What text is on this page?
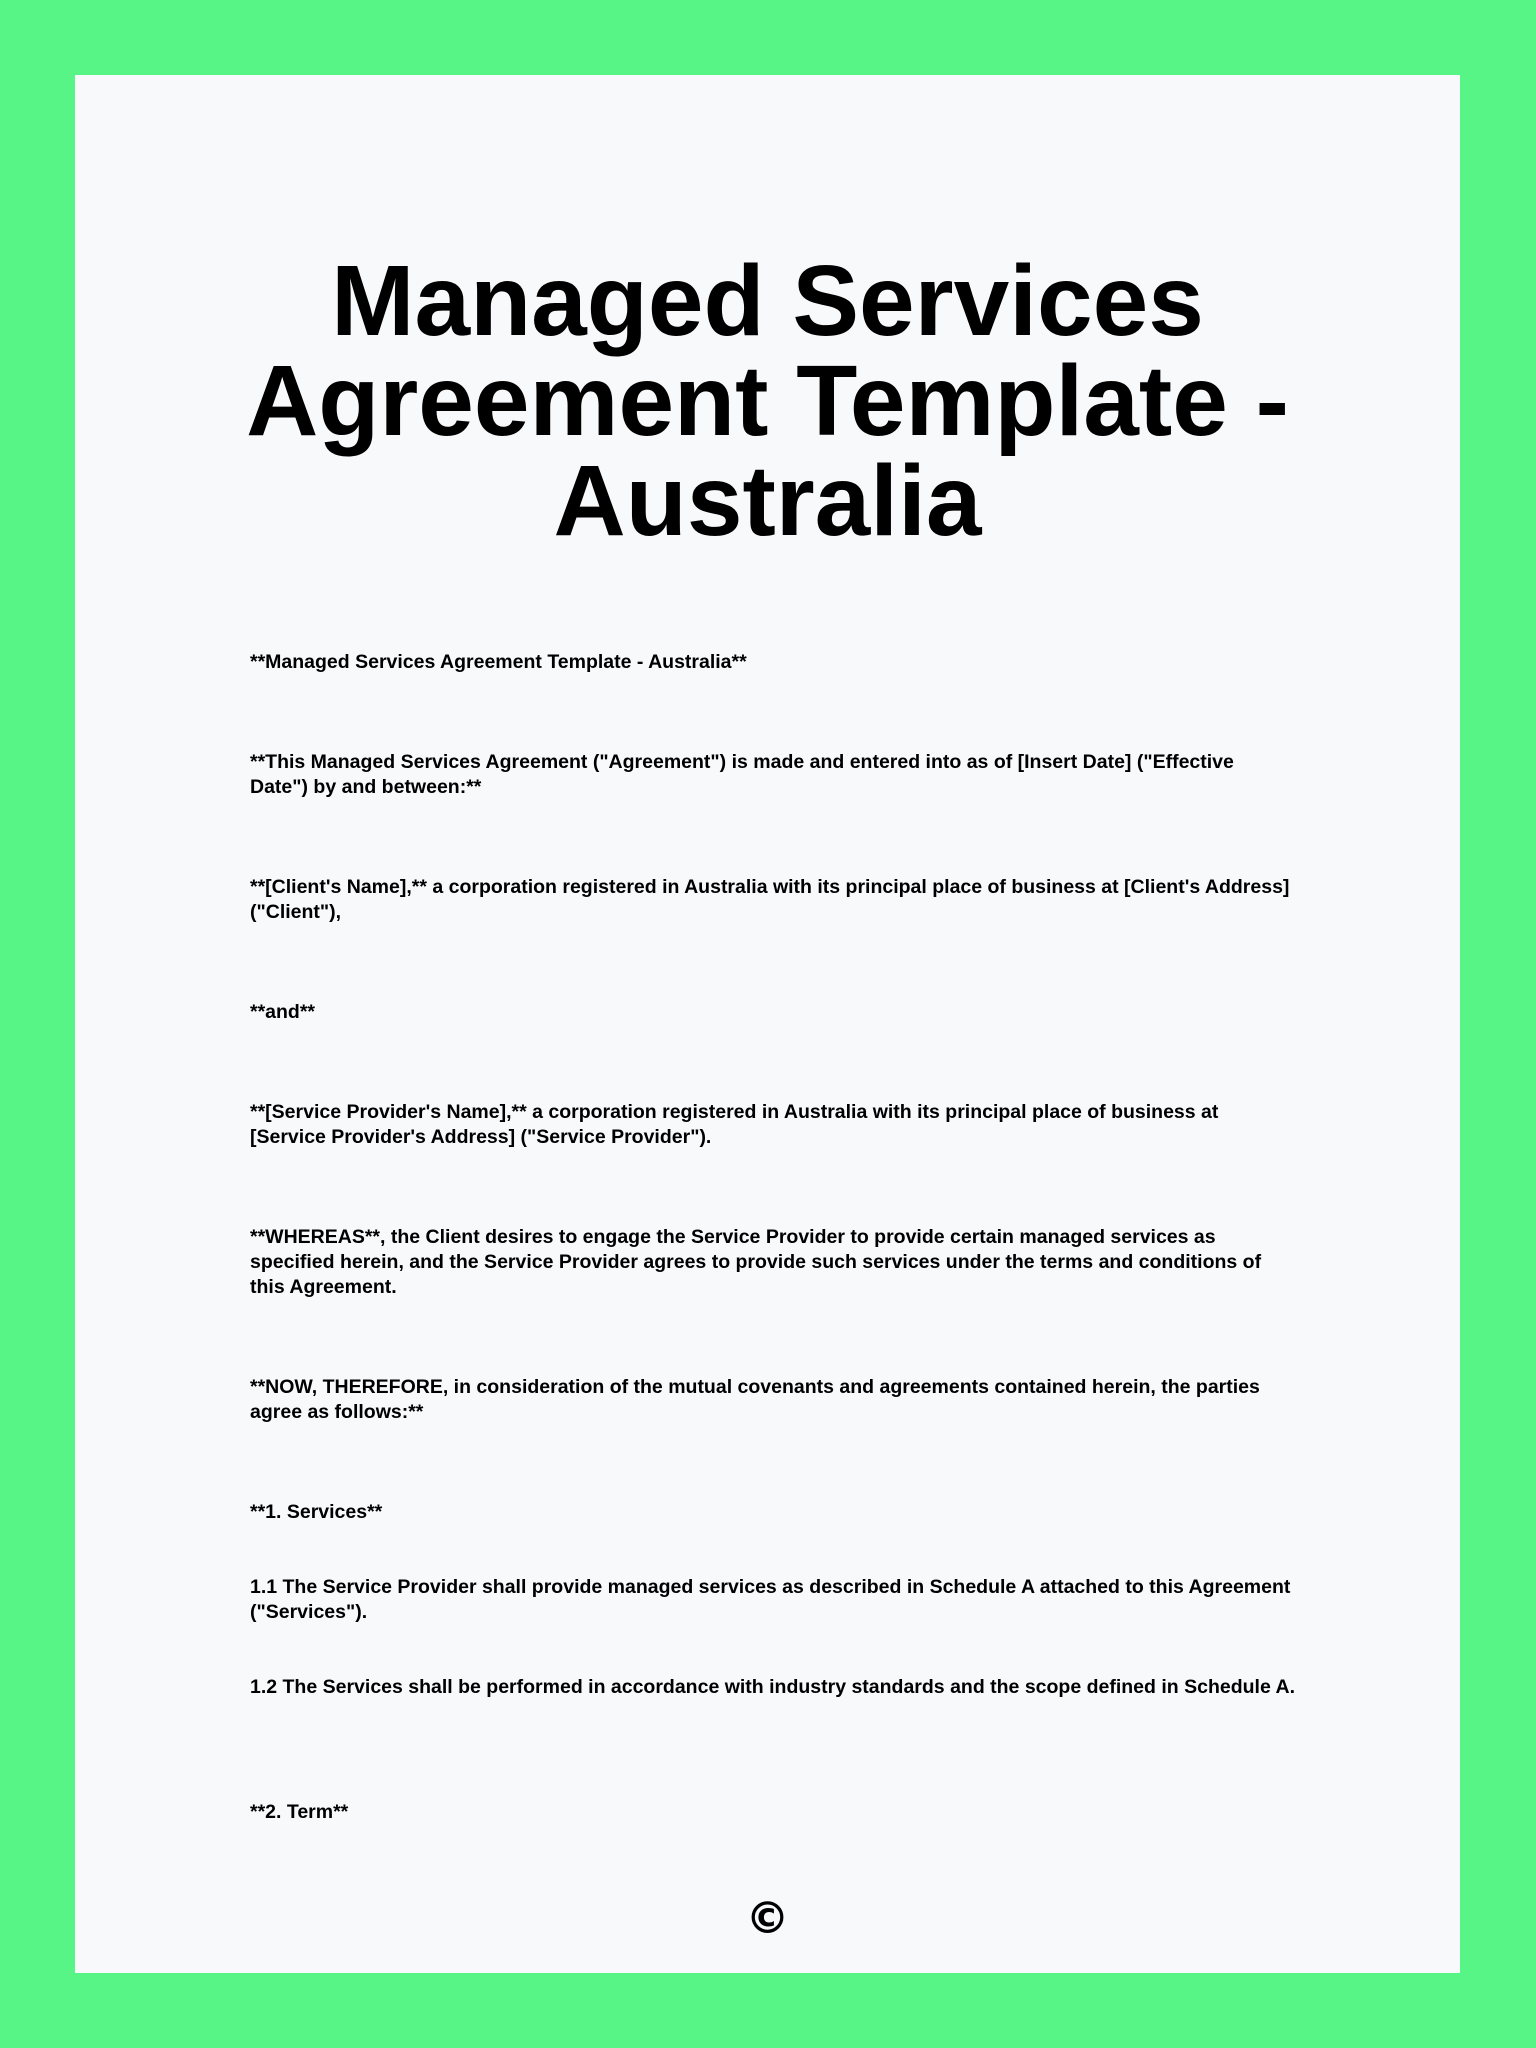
Managed Services Agreement Template - Australia

**Managed Services Agreement Template - Australia**

**This Managed Services Agreement ("Agreement") is made and entered into as of [Insert Date] ("Effective Date") by and between:**

**[Client's Name],** a corporation registered in Australia with its principal place of business at [Client's Address] ("Client"),

**and**

**[Service Provider's Name],** a corporation registered in Australia with its principal place of business at [Service Provider's Address] ("Service Provider").

**WHEREAS**, the Client desires to engage the Service Provider to provide certain managed services as specified herein, and the Service Provider agrees to provide such services under the terms and conditions of this Agreement.

**NOW, THEREFORE, in consideration of the mutual covenants and agreements contained herein, the parties agree as follows:**

**1. Services**

1.1 The Service Provider shall provide managed services as described in Schedule A attached to this Agreement ("Services").

1.2 The Services shall be performed in accordance with industry standards and the scope defined in Schedule A.

**2. Term**

©
